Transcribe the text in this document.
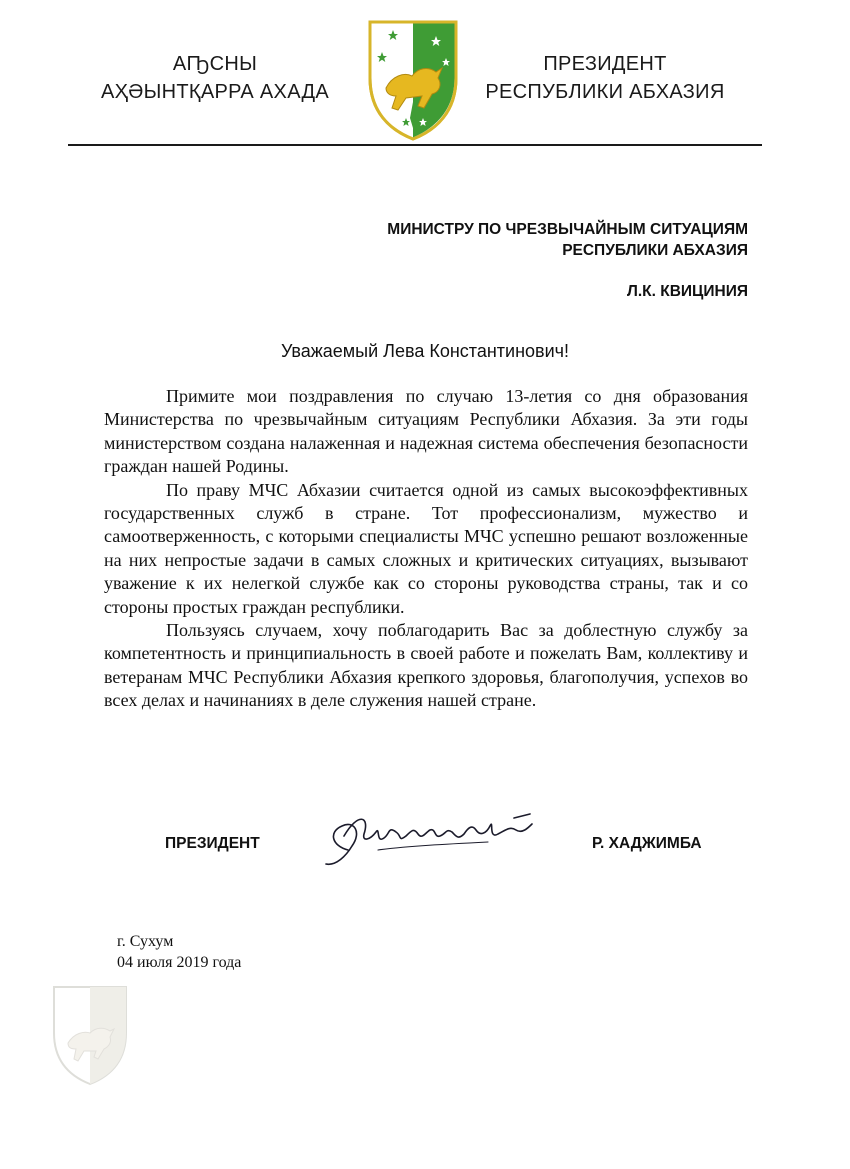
АҦСНЫ
АҲӘЫНТҚАРРА АХАДА
ПРЕЗИДЕНТ
РЕСПУБЛИКИ АБХАЗИЯ
МИНИСТРУ ПО ЧРЕЗВЫЧАЙНЫМ СИТУАЦИЯМ
РЕСПУБЛИКИ АБХАЗИЯ
Л.К. КВИЦИНИЯ
Уважаемый Лева Константинович!

Примите мои поздравления по случаю 13-летия со дня образования Министерства по чрезвычайным ситуациям Республики Абхазия. За эти годы министерством создана налаженная и надежная система обеспечения безопасности граждан нашей Родины.

По праву МЧС Абхазии считается одной из самых высокоэффективных государственных служб в стране. Тот профессионализм, мужество и самоотверженность, с которыми специалисты МЧС успешно решают возложенные на них непростые задачи в самых сложных и критических ситуациях, вызывают уважение к их нелегкой службе как со стороны руководства страны, так и со стороны простых граждан республики.

Пользуясь случаем, хочу поблагодарить Вас за доблестную службу за компетентность и принципиальность в своей работе и пожелать Вам, коллективу и ветеранам МЧС Республики Абхазия крепкого здоровья, благополучия, успехов во всех делах и начинаниях в деле служения нашей стране.

ПРЕЗИДЕНТ	Р. ХАДЖИМБА
г. Сухум
04 июля 2019 года
